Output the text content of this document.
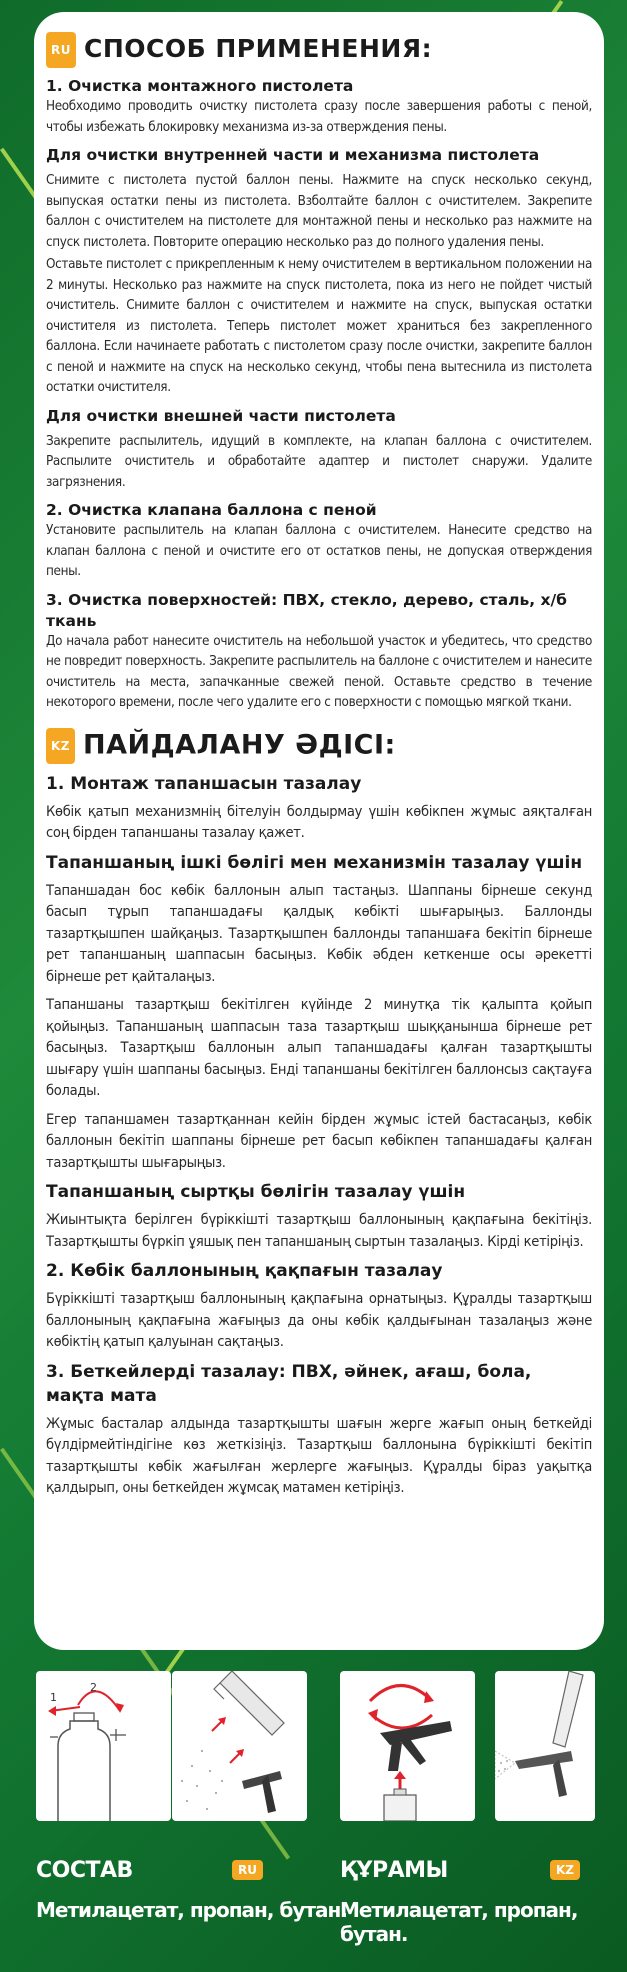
RU СПОСОБ ПРИМЕНЕНИЯ:
1. Очистка монтажного пистолета

Необходимо проводить очистку пистолета сразу после завершения работы с пеной, чтобы избежать блокировку механизма из-за отверждения пены.

Для очистки внутренней части и механизма пистолета

Снимите с пистолета пустой баллон пены. Нажмите на спуск несколько секунд, выпуская остатки пены из пистолета. Взболтайте баллон с очистителем. Закрепите баллон с очистителем на пистолете для монтажной пены и несколько раз нажмите на спуск пистолета. Повторите операцию несколько раз до полного удаления пены.

Оставьте пистолет с прикрепленным к нему очистителем в вертикальном положении на 2 минуты. Несколько раз нажмите на спуск пистолета, пока из него не пойдет чистый очиститель. Снимите баллон с очистителем и нажмите на спуск, выпуская остатки очистителя из пистолета. Теперь пистолет может храниться без закрепленного баллона. Если начинаете работать с пистолетом сразу после очистки, закрепите баллон с пеной и нажмите на спуск на несколько секунд, чтобы пена вытеснила из пистолета остатки очистителя.

Для очистки внешней части пистолета

Закрепите распылитель, идущий в комплекте, на клапан баллона с очистителем. Распылите очиститель и обработайте адаптер и пистолет снаружи. Удалите загрязнения.

2. Очистка клапана баллона с пеной

Установите распылитель на клапан баллона с очистителем. Нанесите средство на клапан баллона с пеной и очистите его от остатков пены, не допуская отверждения пены.

3. Очистка поверхностей: ПВХ, стекло, дерево, сталь, х/б ткань

До начала работ нанесите очиститель на небольшой участок и убедитесь, что средство не повредит поверхность. Закрепите распылитель на баллоне с очистителем и нанесите очиститель на места, запачканные свежей пеной. Оставьте средство в течение некоторого времени, после чего удалите его с поверхности с помощью мягкой ткани.

KZ ПАЙДАЛАНУ ӘДІСІ:
1. Монтаж тапаншасын тазалау

Көбік қатып механизмнің бітелуін болдырмау үшін көбікпен жұмыс аяқталған соң бірден тапаншаны тазалау қажет.

Тапаншаның ішкі бөлігі мен механизмін тазалау үшін

Тапаншадан бос көбік баллонын алып тастаңыз. Шаппаны бірнеше секунд басып тұрып тапаншадағы қалдық көбікті шығарыңыз. Баллонды тазартқышпен шайқаңыз. Тазартқышпен баллонды тапаншаға бекітіп бірнеше рет тапаншаның шаппасын басыңыз. Көбік әбден кеткенше осы әрекетті бірнеше рет қайталаңыз.

Тапаншаны тазартқыш бекітілген күйінде 2 минутқа тік қалыпта қойып қойыңыз. Тапаншаның шаппасын таза тазартқыш шыққанынша бірнеше рет басыңыз. Тазартқыш баллонын алып тапаншадағы қалған тазартқышты шығару үшін шаппаны басыңыз. Енді тапаншаны бекітілген баллонсыз сақтауға болады.

Егер тапаншамен тазартқаннан кейін бірден жұмыс істей бастасаңыз, көбік баллонын бекітіп шаппаны бірнеше рет басып көбікпен тапаншадағы қалған тазартқышты шығарыңыз.

Тапаншаның сыртқы бөлігін тазалау үшін

Жиынтықта берілген бүріккішті тазартқыш баллонының қақпағына бекітіңіз. Тазартқышты бүркіп ұяшық пен тапаншаның сыртын тазалаңыз. Кірді кетіріңіз.

2. Көбік баллонының қақпағын тазалау

Бүріккішті тазартқыш баллонының қақпағына орнатыңыз. Құралды тазартқыш баллонының қақпағына жағыңыз да оны көбік қалдығынан тазалаңыз және көбіктің қатып қалуынан сақтаңыз.

3. Беткейлерді тазалау: ПВХ, әйнек, ағаш, бола, мақта мата

Жұмыс басталар алдында тазартқышты шағын жерге жағып оның беткейді бүлдірмейтіндігіне көз жеткізіңіз. Тазартқыш баллонына бүріккішті бекітіп тазартқышты көбік жағылған жерлерге жағыңыз. Құралды біраз уақытқа қалдырып, оны беткейден жұмсақ матамен кетіріңіз.

1
2
СОСТАВ	RU
Метилацетат, пропан, бутан.
ҚҰРАМЫ	KZ
Метилацетат, пропан, бутан.
